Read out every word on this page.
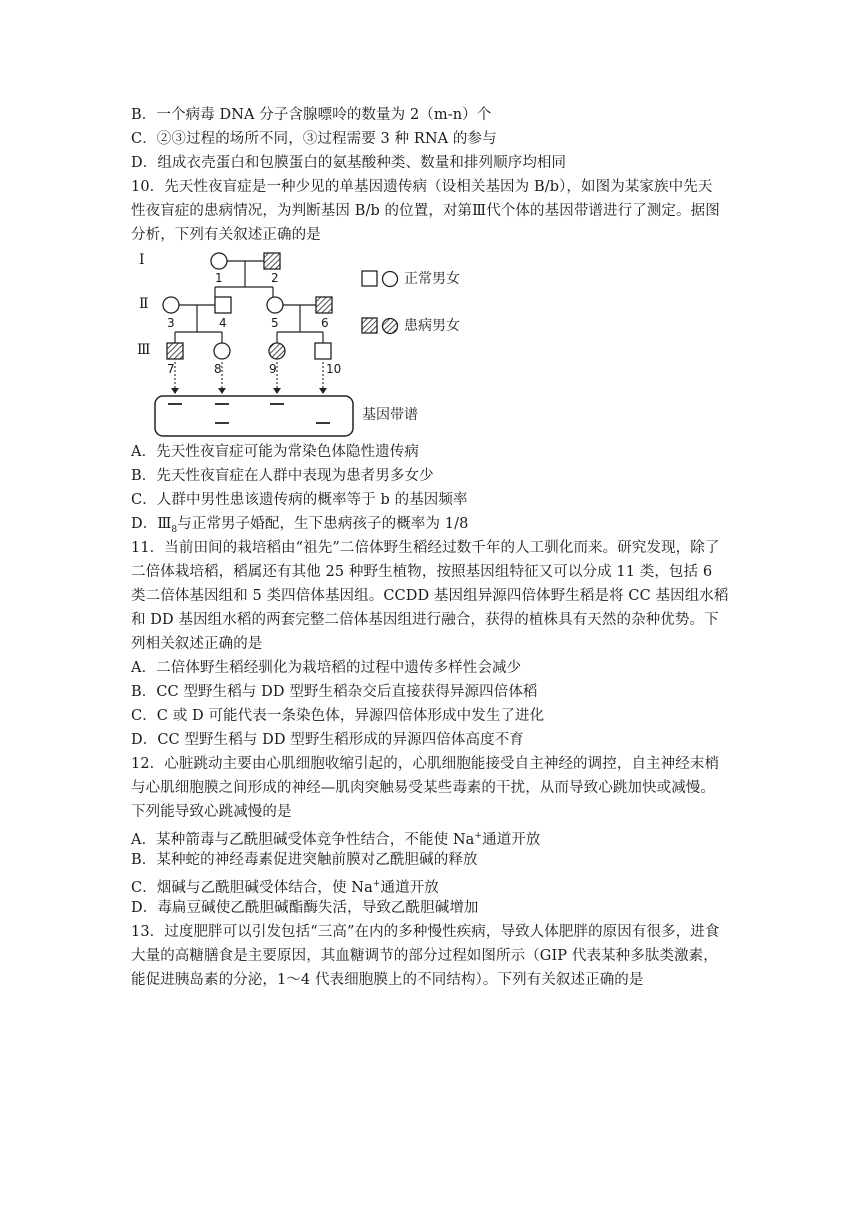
B．一个病毒 DNA 分子含腺嘌呤的数量为 2（m-n）个
C．②③过程的场所不同，③过程需要 3 种 RNA 的参与
D．组成衣壳蛋白和包膜蛋白的氨基酸种类、数量和排列顺序均相同
10．先天性夜盲症是一种少见的单基因遗传病（设相关基因为 B/b），如图为某家族中先天
性夜盲症的患病情况，为判断基因 B/b 的位置，对第Ⅲ代个体的基因带谱进行了测定。据图
分析，下列有关叙述正确的是
Ⅰ
Ⅱ
Ⅲ
1	2
3	4	5	6
7	8	9	10
正常男女
患病男女
基因带谱
A．先天性夜盲症可能为常染色体隐性遗传病
B．先天性夜盲症在人群中表现为患者男多女少
C．人群中男性患该遗传病的概率等于 b 的基因频率
D．$Ⅲ_8$与正常男子婚配，生下患病孩子的概率为 1/8
11．当前田间的栽培稻由“祖先”二倍体野生稻经过数千年的人工驯化而来。研究发现，除了
二倍体栽培稻，稻属还有其他 25 种野生植物，按照基因组特征又可以分成 11 类，包括 6
类二倍体基因组和 5 类四倍体基因组。CCDD 基因组异源四倍体野生稻是将 CC 基因组水稻
和 DD 基因组水稻的两套完整二倍体基因组进行融合，获得的植株具有天然的杂种优势。下
列相关叙述正确的是
A．二倍体野生稻经驯化为栽培稻的过程中遗传多样性会减少
B．CC 型野生稻与 DD 型野生稻杂交后直接获得异源四倍体稻
C．C 或 D 可能代表一条染色体，异源四倍体形成中发生了进化
D．CC 型野生稻与 DD 型野生稻形成的异源四倍体高度不育
12．心脏跳动主要由心肌细胞收缩引起的，心肌细胞能接受自主神经的调控，自主神经末梢
与心肌细胞膜之间形成的神经—肌肉突触易受某些毒素的干扰，从而导致心跳加快或减慢。
下列能导致心跳减慢的是
A．某种箭毒与乙酰胆碱受体竞争性结合，不能使 Na+通道开放
B．某种蛇的神经毒素促进突触前膜对乙酰胆碱的释放
C．烟碱与乙酰胆碱受体结合，使 Na+通道开放
D．毒扁豆碱使乙酰胆碱酯酶失活，导致乙酰胆碱增加
13．过度肥胖可以引发包括“三高”在内的多种慢性疾病，导致人体肥胖的原因有很多，进食
大量的高糖膳食是主要原因，其血糖调节的部分过程如图所示（GIP 代表某种多肽类激素，
能促进胰岛素的分泌，1～4 代表细胞膜上的不同结构）。下列有关叙述正确的是
